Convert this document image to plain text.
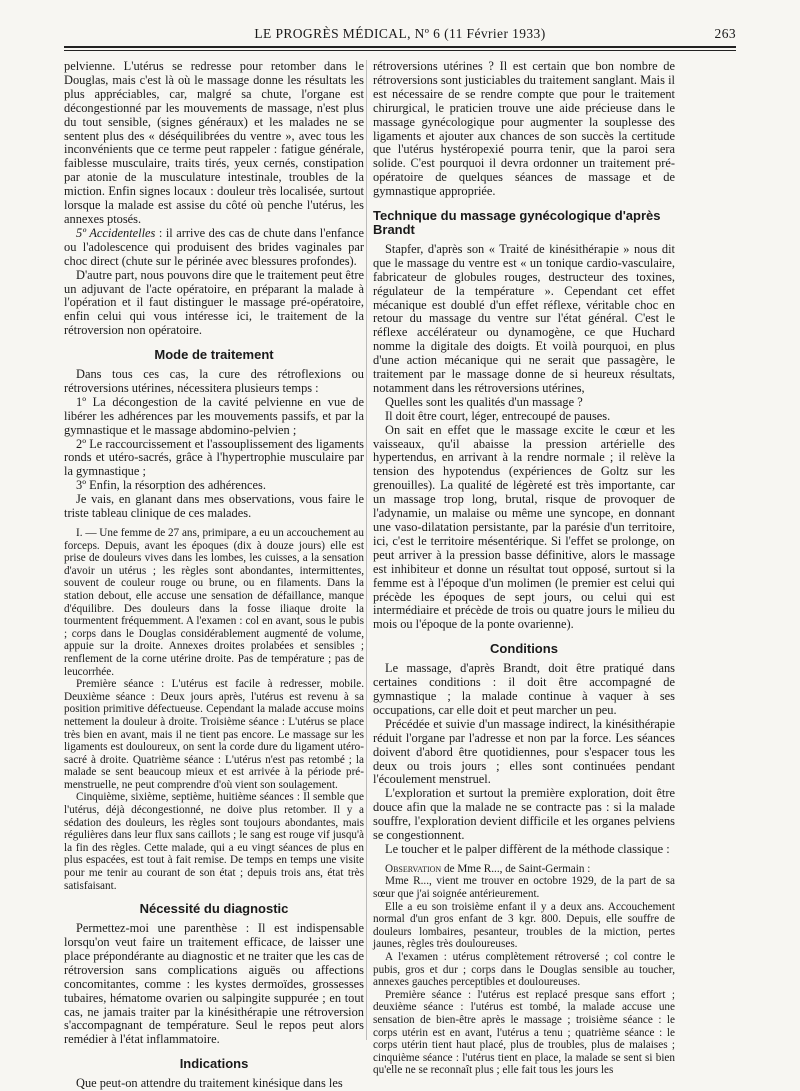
LE PROGRÈS MÉDICAL, Nº 6 (11 Février 1933)	263

pelvienne. L'utérus se redresse pour retomber dans le Douglas, mais c'est là où le massage donne les résultats les plus appréciables, car, malgré sa chute, l'organe est décongestionné par les mouvements de massage, n'est plus du tout sensible, (signes généraux) et les malades ne se sentent plus des « déséquilibrées du ventre », avec tous les inconvénients que ce terme peut rappeler : fatigue générale, faiblesse musculaire, traits tirés, yeux cernés, constipation par atonie de la musculature intestinale, troubles de la miction. Enfin signes locaux : douleur très localisée, surtout lorsque la malade est assise du côté où penche l'utérus, les annexes ptosés.

5º Accidentelles : il arrive des cas de chute dans l'enfance ou l'adolescence qui produisent des brides vaginales par choc direct (chute sur le périnée avec blessures profondes).

D'autre part, nous pouvons dire que le traitement peut être un adjuvant de l'acte opératoire, en préparant la malade à l'opération et il faut distinguer le massage pré-opératoire, enfin celui qui vous intéresse ici, le traitement de la rétroversion non opératoire.

Mode de traitement

Dans tous ces cas, la cure des rétroflexions ou rétroversions utérines, nécessitera plusieurs temps :

1º La décongestion de la cavité pelvienne en vue de libérer les adhérences par les mouvements passifs, et par la gymnastique et le massage abdomino-pelvien ;

2º Le raccourcissement et l'assouplissement des ligaments ronds et utéro-sacrés, grâce à l'hypertrophie musculaire par la gymnastique ;

3º Enfin, la résorption des adhérences.

Je vais, en glanant dans mes observations, vous faire le triste tableau clinique de ces malades.

I. — Une femme de 27 ans, primipare, a eu un accouchement au forceps. Depuis, avant les époques (dix à douze jours) elle est prise de douleurs vives dans les lombes, les cuisses, a la sensation d'avoir un utérus ; les règles sont abondantes, intermittentes, souvent de couleur rouge ou brune, ou en filaments. Dans la station debout, elle accuse une sensation de défaillance, manque d'équilibre. Des douleurs dans la fosse iliaque droite la tourmentent fréquemment. A l'examen : col en avant, sous le pubis ; corps dans le Douglas considérablement augmenté de volume, appuie sur la droite. Annexes droites prolabées et sensibles ; renflement de la corne utérine droite. Pas de température ; pas de leucorrhée.

Première séance : L'utérus est facile à redresser, mobile. Deuxième séance : Deux jours après, l'utérus est revenu à sa position primitive défectueuse. Cependant la malade accuse moins nettement la douleur à droite. Troisième séance : L'utérus se place très bien en avant, mais il ne tient pas encore. Le massage sur les ligaments est douloureux, on sent la corde dure du ligament utéro-sacré à droite. Quatrième séance : L'utérus n'est pas retombé ; la malade se sent beaucoup mieux et est arrivée à la période pré-menstruelle, ne peut comprendre d'où vient son soulagement.

Cinquième, sixième, septième, huitième séances : Il semble que l'utérus, déjà décongestionné, ne doive plus retomber. Il y a sédation des douleurs, les règles sont toujours abondantes, mais régulières dans leur flux sans caillots ; le sang est rouge vif jusqu'à la fin des règles. Cette malade, qui a eu vingt séances de plus en plus espacées, est tout à fait remise. De temps en temps une visite pour me tenir au courant de son état ; depuis trois ans, état très satisfaisant.

Nécessité du diagnostic

Permettez-moi une parenthèse : Il est indispensable lorsqu'on veut faire un traitement efficace, de laisser une place prépondérante au diagnostic et ne traiter que les cas de rétroversion sans complications aiguës ou affections concomitantes, comme : les kystes dermoïdes, grossesses tubaires, hématome ovarien ou salpingite suppurée ; en tout cas, ne jamais traiter par la kinésithérapie une rétroversion s'accompagnant de température. Seul le repos peut alors remédier à l'état inflammatoire.

Indications

Que peut-on attendre du traitement kinésique dans les

rétroversions utérines ? Il est certain que bon nombre de rétroversions sont justiciables du traitement sanglant. Mais il est nécessaire de se rendre compte que pour le traitement chirurgical, le praticien trouve une aide précieuse dans le massage gynécologique pour augmenter la souplesse des ligaments et ajouter aux chances de son succès la certitude que l'utérus hystéropexié pourra tenir, que la paroi sera solide. C'est pourquoi il devra ordonner un traitement pré-opératoire de quelques séances de massage et de gymnastique appropriée.

Technique du massage gynécologique d'après Brandt

Stapfer, d'après son « Traité de kinésithérapie » nous dit que le massage du ventre est « un tonique cardio-vasculaire, fabricateur de globules rouges, destructeur des toxines, régulateur de la température ». Cependant cet effet mécanique est doublé d'un effet réflexe, véritable choc en retour du massage du ventre sur l'état général. C'est le réflexe accélérateur ou dynamogène, ce que Huchard nomme la digitale des doigts. Et voilà pourquoi, en plus d'une action mécanique qui ne serait que passagère, le traitement par le massage donne de si heureux résultats, notamment dans les rétroversions utérines,

Quelles sont les qualités d'un massage ?

Il doit être court, léger, entrecoupé de pauses.

On sait en effet que le massage excite le cœur et les vaisseaux, qu'il abaisse la pression artérielle des hypertendus, en arrivant à la rendre normale ; il relève la tension des hypotendus (expériences de Goltz sur les grenouilles). La qualité de légèreté est très importante, car un massage trop long, brutal, risque de provoquer de l'adynamie, un malaise ou même une syncope, en donnant une vaso-dilatation persistante, par la parésie d'un territoire, ici, c'est le territoire mésentérique. Si l'effet se prolonge, on peut arriver à la pression basse définitive, alors le massage est inhibiteur et donne un résultat tout opposé, surtout si la femme est à l'époque d'un molimen (le premier est celui qui précède les époques de sept jours, ou celui qui est intermédiaire et précède de trois ou quatre jours le milieu du mois ou l'époque de la ponte ovarienne).

Conditions

Le massage, d'après Brandt, doit être pratiqué dans certaines conditions : il doit être accompagné de gymnastique ; la malade continue à vaquer à ses occupations, car elle doit et peut marcher un peu.

Précédée et suivie d'un massage indirect, la kinésithérapie réduit l'organe par l'adresse et non par la force. Les séances doivent d'abord être quotidiennes, pour s'espacer tous les deux ou trois jours ; elles sont continuées pendant l'écoulement menstruel.

L'exploration et surtout la première exploration, doit être douce afin que la malade ne se contracte pas : si la malade souffre, l'exploration devient difficile et les organes pelviens se congestionnent.

Le toucher et le palper diffèrent de la méthode classique :

Observation de Mme R..., de Saint-Germain :

Mme R..., vient me trouver en octobre 1929, de la part de sa sœur que j'ai soignée antérieurement.

Elle a eu son troisième enfant il y a deux ans. Accouchement normal d'un gros enfant de 3 kgr. 800. Depuis, elle souffre de douleurs lombaires, pesanteur, troubles de la miction, pertes jaunes, règles très douloureuses.

A l'examen : utérus complètement rétroversé ; col contre le pubis, gros et dur ; corps dans le Douglas sensible au toucher, annexes gauches perceptibles et douloureuses.

Première séance : l'utérus est replacé presque sans effort ; deuxième séance : l'utérus est tombé, la malade accuse une sensation de bien-être après le massage ; troisième séance : le corps utérin est en avant, l'utérus a tenu ; quatrième séance : le corps utérin tient haut placé, plus de troubles, plus de malaises ; cinquième séance : l'utérus tient en place, la malade se sent si bien qu'elle ne se reconnaît plus ; elle fait tous les jours les
